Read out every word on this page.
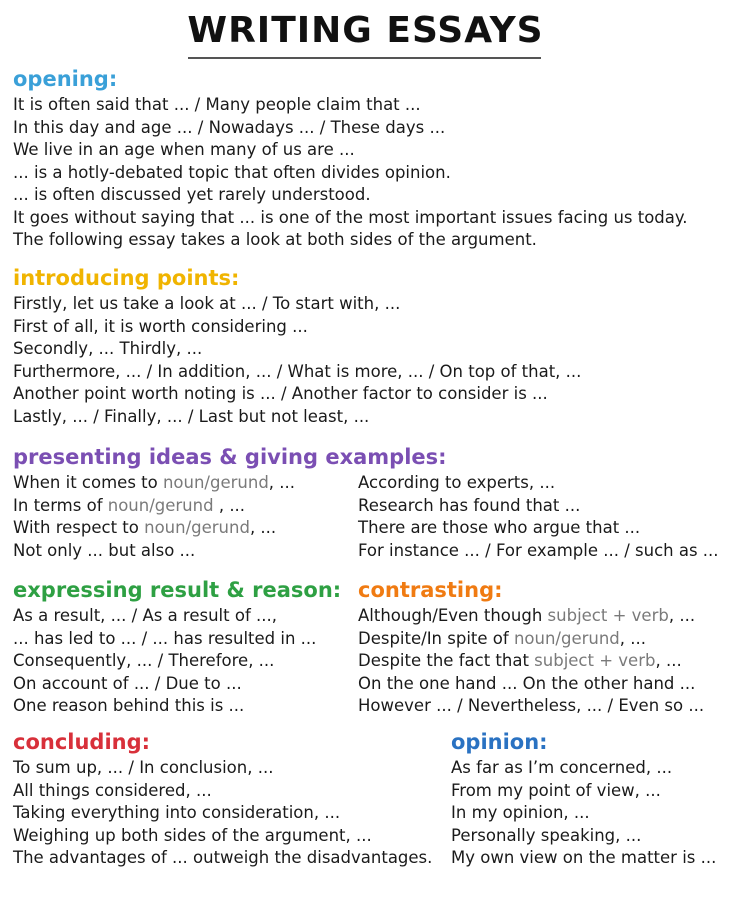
WRITING ESSAYS
opening:
It is often said that ... / Many people claim that ...
In this day and age ... / Nowadays ... / These days ...
We live in an age when many of us are ...
... is a hotly-debated topic that often divides opinion.
... is often discussed yet rarely understood.
It goes without saying that ... is one of the most important issues facing us today.
The following essay takes a look at both sides of the argument.
introducing points:
Firstly, let us take a look at ... / To start with, ...
First of all, it is worth considering ...
Secondly, ... Thirdly, ...
Furthermore, ... / In addition, ... / What is more, ... / On top of that, ...
Another point worth noting is ... / Another factor to consider is ...
Lastly, ... / Finally, ... / Last but not least, ...
presenting ideas & giving examples:
When it comes to noun/gerund, ...
In terms of noun/gerund , ...
With respect to noun/gerund, ...
Not only ... but also ...
According to experts, ...
Research has found that ...
There are those who argue that ...
For instance ... / For example ... / such as ...
expressing result & reason:
As a result, ... / As a result of ...,
... has led to ... / ... has resulted in ...
Consequently, ... / Therefore, ...
On account of ... / Due to ...
One reason behind this is ...
contrasting:
Although/Even though subject + verb, ...
Despite/In spite of noun/gerund, ...
Despite the fact that subject + verb, ...
On the one hand ... On the other hand ...
However ... / Nevertheless, ... / Even so ...
concluding:
To sum up, ... / In conclusion, ...
All things considered, ...
Taking everything into consideration, ...
Weighing up both sides of the argument, ...
The advantages of ... outweigh the disadvantages.
opinion:
As far as I’m concerned, ...
From my point of view, ...
In my opinion, ...
Personally speaking, ...
My own view on the matter is ...
